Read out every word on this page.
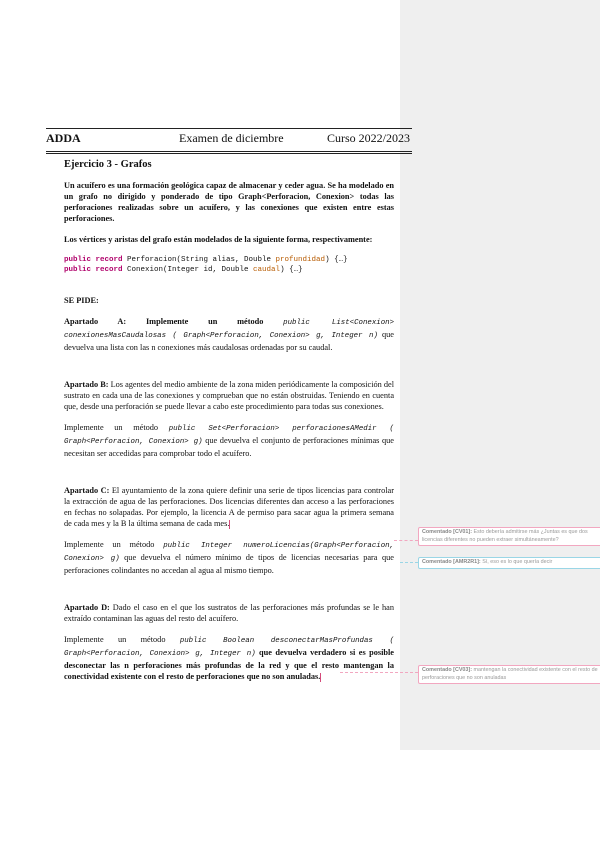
ADDA	Examen de diciembre	Curso 2022/2023

Ejercicio 3 - Grafos

Un acuífero es una formación geológica capaz de almacenar y ceder agua. Se ha modelado en un grafo no dirigido y ponderado de tipo Graph<Perforacion, Conexion> todas las perforaciones realizadas sobre un acuífero, y las conexiones que existen entre estas perforaciones.

Los vértices y aristas del grafo están modelados de la siguiente forma, respectivamente:

public record Perforacion(String alias, Double profundidad) {…}
public record Conexion(Integer id, Double caudal) {…}

SE PIDE:

Apartado A: Implemente un método public List<Conexion> conexionesMasCaudalosas ( Graph<Perforacion, Conexion> g, Integer n) que devuelva una lista con las n conexiones más caudalosas ordenadas por su caudal.

Apartado B: Los agentes del medio ambiente de la zona miden periódicamente la composición del sustrato en cada una de las conexiones y comprueban que no están obstruidas. Teniendo en cuenta que, desde una perforación se puede llevar a cabo este procedimiento para todas sus conexiones.

Implemente un método public Set<Perforacion> perforacionesAMedir ( Graph<Perforacion, Conexion> g) que devuelva el conjunto de perforaciones mínimas que necesitan ser accedidas para comprobar todo el acuífero.

Apartado C: El ayuntamiento de la zona quiere definir una serie de tipos licencias para controlar la extracción de agua de las perforaciones. Dos licencias diferentes dan acceso a las perforaciones en fechas no solapadas. Por ejemplo, la licencia A de permiso para sacar agua la primera semana de cada mes y la B la última semana de cada mes.

Implemente un método public Integer numeroLicencias(Graph<Perforacion, Conexion> g) que devuelva el número mínimo de tipos de licencias necesarias para que perforaciones colindantes no accedan al agua al mismo tiempo.

Apartado D: Dado el caso en el que los sustratos de las perforaciones más profundas se le han extraído contaminan las aguas del resto del acuífero.

Implemente un método public Boolean desconectarMasProfundas ( Graph<Perforacion, Conexion> g, Integer n) que devuelva verdadero si es posible desconectar las n perforaciones más profundas de la red y que el resto mantengan la conectividad existente con el resto de perforaciones que no son anuladas.

Comentado [CV01]: Esto debería admitirse más ¿Juntas es que dos licencias diferentes no pueden extraer simultáneamente?
Comentado [AMR2R1]: Sí, eso es lo que quería decir
Comentado [CV03]: mantengan la conectividad existente con el resto de perforaciones que no son anuladas
